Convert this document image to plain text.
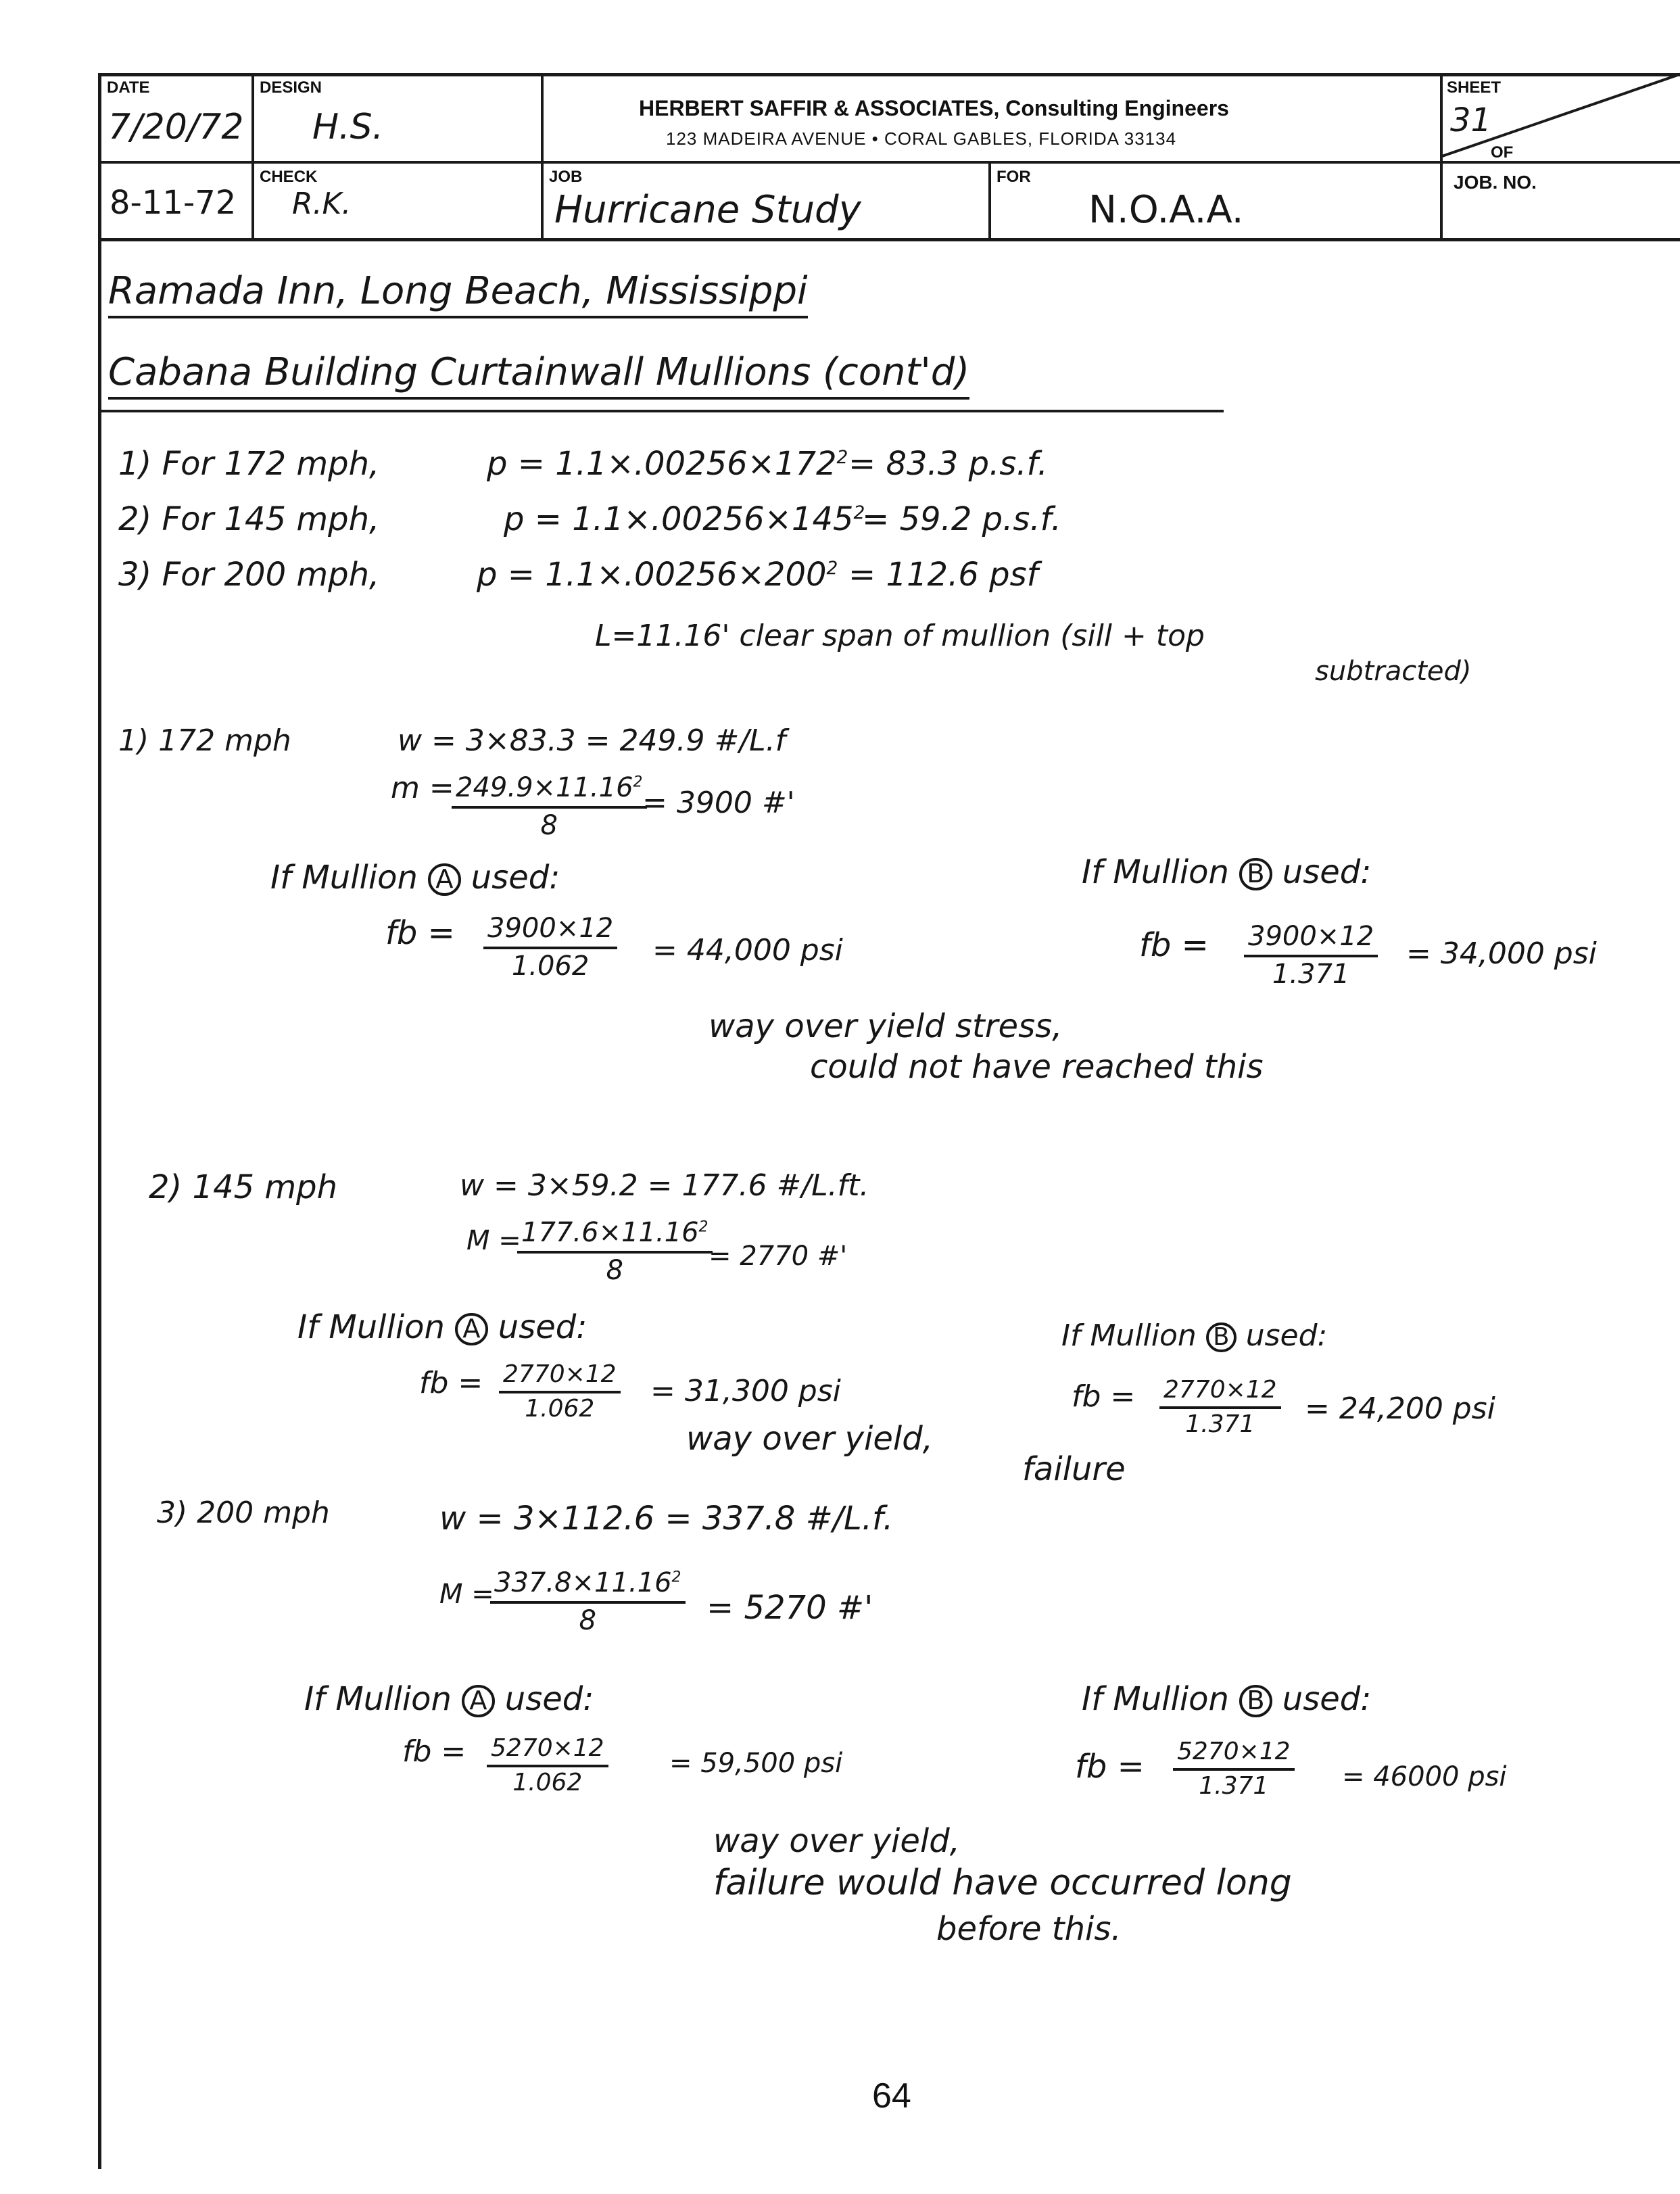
DATE
7/20/72
DESIGN
H.S.	HERBERT SAFFIR & ASSOCIATES, Consulting Engineers
123 MADEIRA AVENUE • CORAL GABLES, FLORIDA 33134
SHEET
31
OF
8-11-72
CHECK
R.K.
JOB
Hurricane Study
FOR
N.O.A.A.
JOB. NO.
Ramada Inn, Long Beach, Mississippi
Cabana Building Curtainwall Mullions (cont'd)
1) For 172 mph,	$p = 1.1\times.00256\times 172^2 = 83.3$ p.s.f.
2) For 145 mph,	$p = 1.1\times.00256\times 145^2$
= 59.2 p.s.f.
3) For 200 mph,	$p = 1.1\times.00256\times 200^2 = 112.6$ psf
L=11.16' clear span of mullion (sill + top
subtracted)
1) 172 mph	w = 3×83.3 = 249.9 #/L.f
m =
$\frac{249.9\times 11.16^2}{8}$
= 3900 #'
If Mullion A used:
fb = $\frac{3900\times 12}{1.062} = 44,000$ psi
If Mullion B used:
fb = $\frac{3900\times 12}{1.371} = 34,000$ psi
way over yield stress,
could not have reached this
2) 145 mph	w = 3×59.2 = 177.6 #/L.ft.
M =
$\frac{177.6\times 11.16^2}{8}$
= 2770 #'
If Mullion A used:
fb = $\frac{2770\times 12}{1.062} = 31,300$ psi
If Mullion B used:
fb = $\frac{2770\times 12}{1.371} = 24,200$ psi
way over yield,
failure
3) 200 mph	w = 3×112.6 = 337.8 #/L.f.
M =
$\frac{337.8\times 11.16^2}{8} = 5270$ #'
If Mullion A used:
fb = $\frac{5270\times 12}{1.062} = 59,500$ psi
If Mullion B used:
fb = $\frac{5270\times 12}{1.371} = 46000$ psi
way over yield,
failure would have occurred long
before this.
64
